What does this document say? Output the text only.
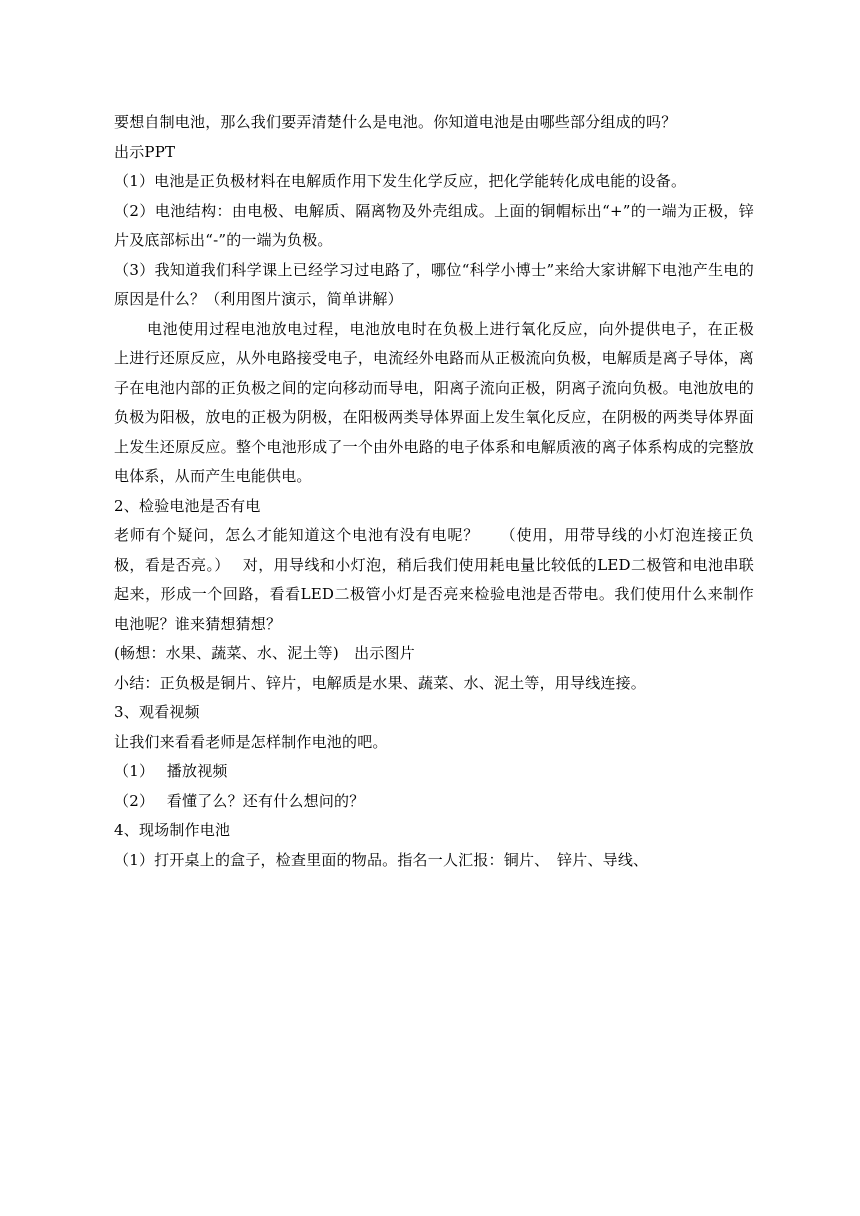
要想自制电池，那么我们要弄清楚什么是电池。你知道电池是由哪些部分组成的吗？

出示PPT

（1）电池是正负极材料在电解质作用下发生化学反应，把化学能转化成电能的设备。

（2）电池结构：由电极、电解质、隔离物及外壳组成。上面的铜帽标出“+”的一端为正极，锌片及底部标出“-”的一端为负极。

（3）我知道我们科学课上已经学习过电路了，哪位“科学小博士”来给大家讲解下电池产生电的原因是什么？（利用图片演示，简单讲解）

电池使用过程电池放电过程，电池放电时在负极上进行氧化反应，向外提供电子，在正极上进行还原反应，从外电路接受电子，电流经外电路而从正极流向负极，电解质是离子导体，离子在电池内部的正负极之间的定向移动而导电，阳离子流向正极，阴离子流向负极。电池放电的负极为阳极，放电的正极为阴极，在阳极两类导体界面上发生氧化反应，在阴极的两类导体界面上发生还原反应。整个电池形成了一个由外电路的电子体系和电解质液的离子体系构成的完整放电体系，从而产生电能供电。

2、检验电池是否有电

老师有个疑问，怎么才能知道这个电池有没有电呢？　 （使用，用带导线的小灯泡连接正负极，看是否亮。）　 对，用导线和小灯泡，稍后我们使用耗电量比较低的LED二极管和电池串联起来，形成一个回路，看看LED二极管小灯是否亮来检验电池是否带电。我们使用什么来制作电池呢？谁来猜想猜想？

(畅想：水果、蔬菜、水、泥土等)　出示图片

小结：正负极是铜片、锌片，电解质是水果、蔬菜、水、泥土等，用导线连接。

3、观看视频

让我们来看看老师是怎样制作电池的吧。

（1）　 播放视频

（2）　 看懂了么？还有什么想问的？

4、现场制作电池

（1）打开桌上的盒子，检查里面的物品。指名一人汇报：铜片、　锌片、导线、
